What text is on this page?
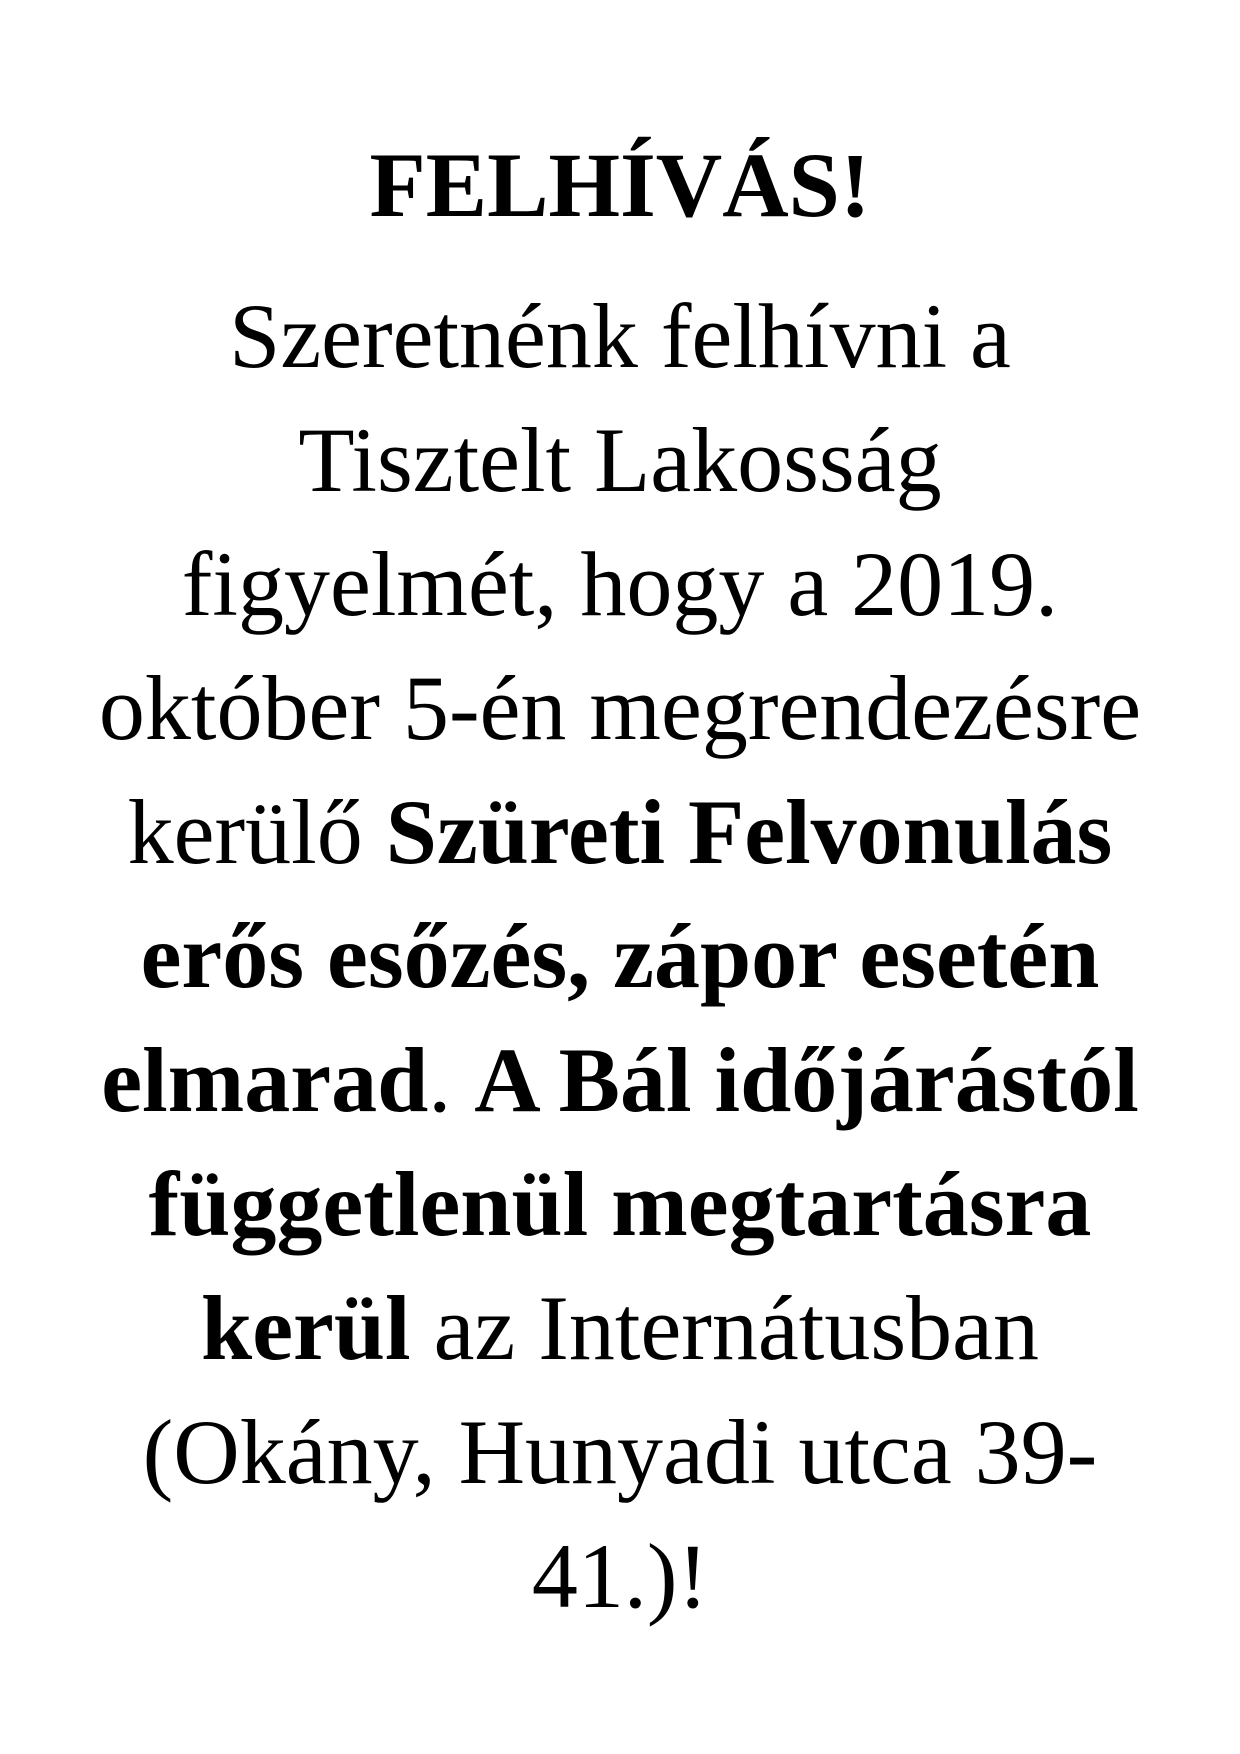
FELHÍVÁS!
Szeretnénk felhívni a
Tisztelt Lakosság
figyelmét, hogy a 2019.
október 5-én megrendezésre
kerülő Szüreti Felvonulás
erős esőzés, zápor esetén
elmarad. A Bál időjárástól
függetlenül megtartásra
kerül az Internátusban
(Okány, Hunyadi utca 39-
41.)!
